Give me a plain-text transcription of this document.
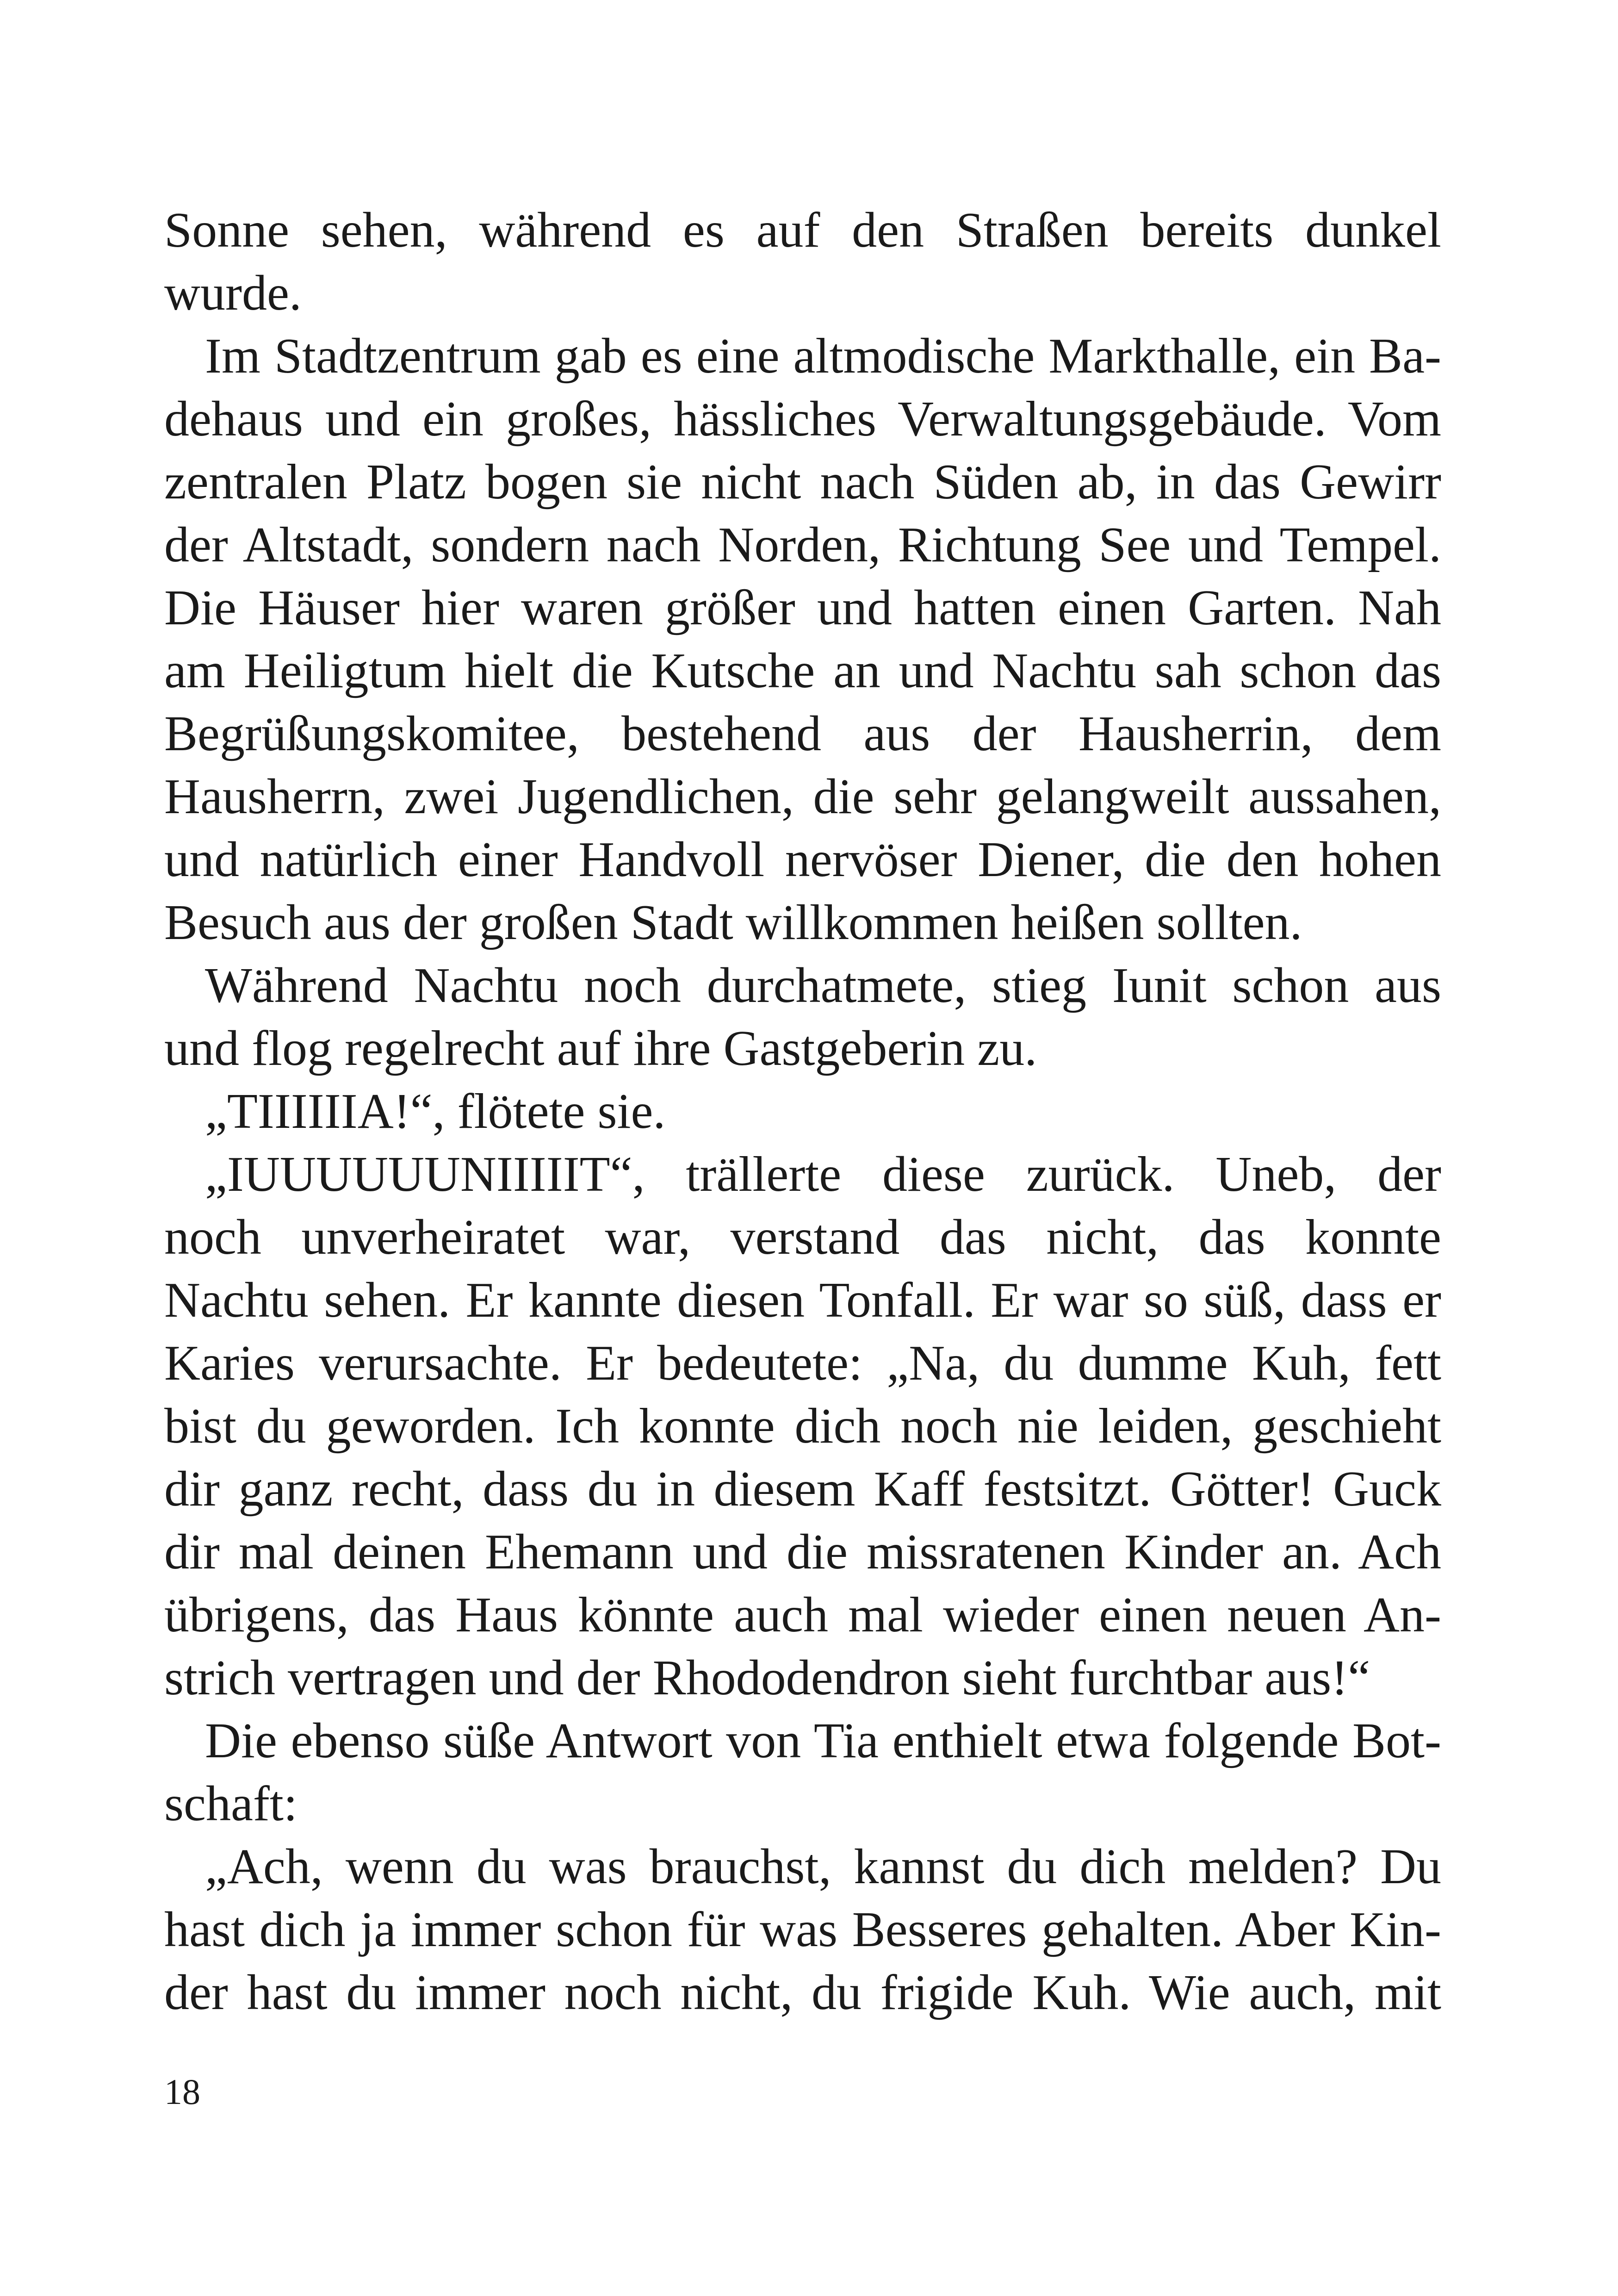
Sonne sehen, während es auf den Straßen bereits dunkel
wurde.
Im Stadtzentrum gab es eine altmodische Markthalle, ein Ba-
dehaus und ein großes, hässliches Verwaltungsgebäude. Vom
zentralen Platz bogen sie nicht nach Süden ab, in das Gewirr
der Altstadt, sondern nach Norden, Richtung See und Tempel.
Die Häuser hier waren größer und hatten einen Garten. Nah
am Heiligtum hielt die Kutsche an und Nachtu sah schon das
Begrüßungskomitee, bestehend aus der Hausherrin, dem
Hausherrn, zwei Jugendlichen, die sehr gelangweilt aussahen,
und natürlich einer Handvoll nervöser Diener, die den hohen
Besuch aus der großen Stadt willkommen heißen sollten.
Während Nachtu noch durchatmete, stieg Iunit schon aus
und flog regelrecht auf ihre Gastgeberin zu.
„TIIIIIIA!“, flötete sie.
„IUUUUUUNIIIIIT“, trällerte diese zurück. Uneb, der
noch unverheiratet war, verstand das nicht, das konnte
Nachtu sehen. Er kannte diesen Tonfall. Er war so süß, dass er
Karies verursachte. Er bedeutete: „Na, du dumme Kuh, fett
bist du geworden. Ich konnte dich noch nie leiden, geschieht
dir ganz recht, dass du in diesem Kaff festsitzt. Götter! Guck
dir mal deinen Ehemann und die missratenen Kinder an. Ach
übrigens, das Haus könnte auch mal wieder einen neuen An-
strich vertragen und der Rhododendron sieht furchtbar aus!“
Die ebenso süße Antwort von Tia enthielt etwa folgende Bot-
schaft:
„Ach, wenn du was brauchst, kannst du dich melden? Du
hast dich ja immer schon für was Besseres gehalten. Aber Kin-
der hast du immer noch nicht, du frigide Kuh. Wie auch, mit
18
